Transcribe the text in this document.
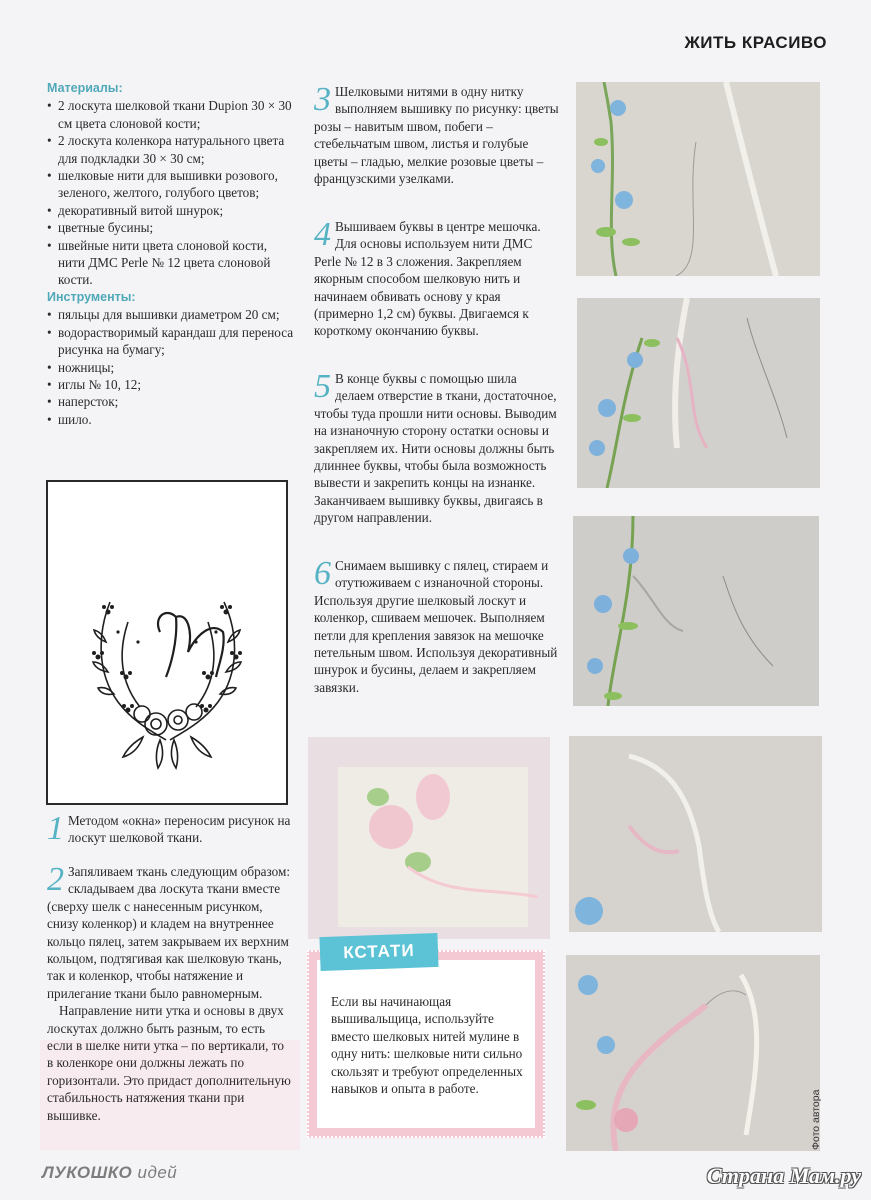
ЖИТЬ КРАСИВО
Материалы:
• 2 лоскута шелковой ткани Dupion 30 × 30 см цвета слоновой кости;
• 2 лоскута коленкора натурального цвета для подкладки 30 × 30 см;
• шелковые нити для вышивки розового, зеленого, желтого, голубого цветов;
• декоративный витой шнурок;
• цветные бусины;
• швейные нити цвета слоновой кости, нити ДМС Perle № 12 цвета слоновой кости.
Инструменты:
• пяльцы для вышивки диаметром 20 см;
• водорастворимый карандаш для переноса рисунка на бумагу;
• ножницы;
• иглы № 10, 12;
• наперсток;
• шило.
1 Методом «окна» переносим рисунок на лоскут шелковой ткани.

2 Запяливаем ткань следующим образом: складываем два лоскута ткани вместе (сверху шелк с нанесенным рисунком, снизу коленкор) и кладем на внутреннее кольцо пялец, затем закрываем их верхним кольцом, подтягивая как шелковую ткань, так и коленкор, чтобы натяжение и прилегание ткани было равномерным.

Направление нити утка и основы в двух лоскутах должно быть разным, то есть если в шелке нити утка – по вертикали, то в коленкоре они должны лежать по горизонтали. Это придаст дополнительную стабильность натяжения ткани при вышивке.

3 Шелковыми нитями в одну нитку выполняем вышивку по рисунку: цветы розы – навитым швом, побеги – стебельчатым швом, листья и голубые цветы – гладью, мелкие розовые цветы – французскими узелками.

4 Вышиваем буквы в центре мешочка. Для основы используем нити ДМС Perle № 12 в 3 сложения. Закрепляем якорным способом шелковую нить и начинаем обвивать основу у края (примерно 1,2 см) буквы. Двигаемся к короткому окончанию буквы.

5 В конце буквы с помощью шила делаем отверстие в ткани, достаточное, чтобы туда прошли нити основы. Выводим на изнаночную сторону остатки основы и закрепляем их. Нити основы должны быть длиннее буквы, чтобы была возможность вывести и закрепить концы на изнанке. Заканчиваем вышивку буквы, двигаясь в другом направлении.

6 Снимаем вышивку с пялец, стираем и отутюживаем с изнаночной стороны. Используя другие шелковый лоскут и коленкор, сшиваем мешочек. Выполняем петли для крепления завязок на мешочке петельным швом. Используя декоративный шнурок и бусины, делаем и закрепляем завязки.

Если вы начинающая вышивальщица, используйте вместо шелковых нитей мулине в одну нить: шелковые нити сильно скользят и требуют определенных навыков и опыта в работе.
КСТАТИ
ЛУКОШКО идей
Фото автора
Страна Мам.ру
